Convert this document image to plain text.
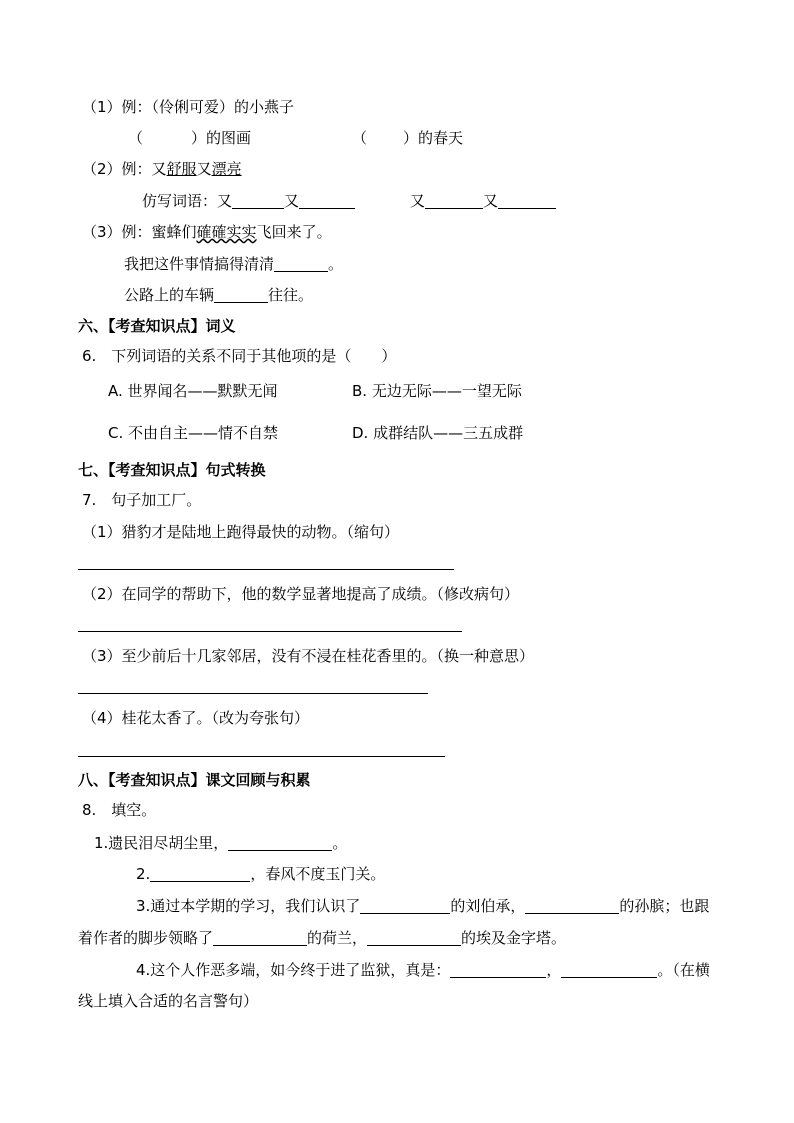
（1）例：（伶俐可爱）的小燕子
（	）的图画	（ ）的春天
（2）例：又舒服又漂亮
仿写词语：又	又	又	又
（3）例：蜜蜂们確確实实飞回来了。
我把这件事情搞得清清	。
公路上的车辆	往往。
六、【考查知识点】词义
6.　下列词语的关系不同于其他项的是（　　）
A. 世界闻名——默默无闻	B. 无边无际——一望无际
C. 不由自主——情不自禁	D. 成群结队——三五成群
七、【考查知识点】句式转换
7.　句子加工厂。
（1）猎豹才是陆地上跑得最快的动物。（缩句）
（2）在同学的帮助下，他的数学显著地提高了成绩。（修改病句）
（3）至少前后十几家邻居，没有不浸在桂花香里的。（换一种意思）
（4）桂花太香了。（改为夸张句）
八、【考查知识点】课文回顾与积累
8.　填空。
1.遗民泪尽胡尘里，	。
2.	，春风不度玉门关。
3.通过本学期的学习，我们认识了	的刘伯承，	的孙膑；也跟
着作者的脚步领略了	的荷兰，	的埃及金字塔。
4.这个人作恶多端，如今终于进了监狱，真是：	，	。（在横
线上填入合适的名言警句）
